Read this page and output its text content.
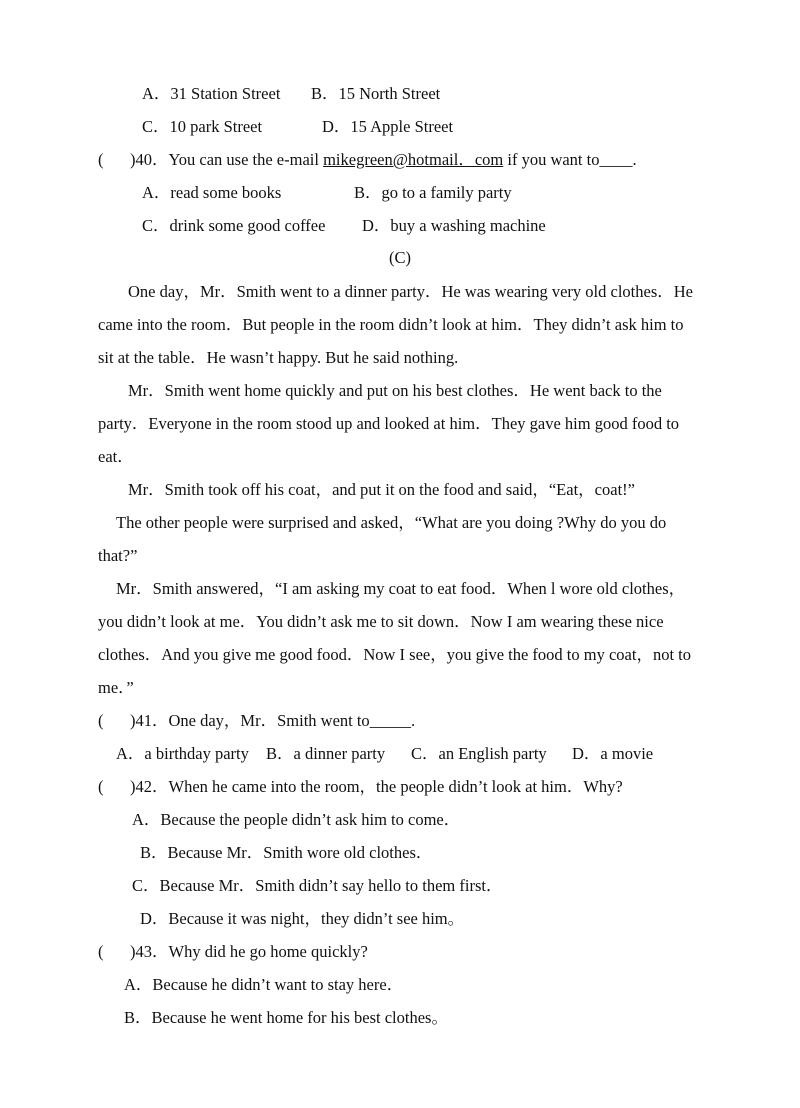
A．31 Station Street B．15 North Street
C．10 park Street	D．15 Apple Street
( )40．You can use the e-mail mikegreen@hotmail．com if you want to____.
A．read some books	B．go to a family party
C．drink some good coffee D．buy a washing machine
(C)
One day，Mr．Smith went to a dinner party．He was wearing very old clothes．He
came into the room．But people in the room didn’t look at him．They didn’t ask him to
sit at the table．He wasn’t happy. But he said nothing.
Mr．Smith went home quickly and put on his best clothes．He went back to the
party．Everyone in the room stood up and looked at him．They gave him good food to
eat．
Mr．Smith took off his coat，and put it on the food and said，“Eat，coat!”
The other people were surprised and asked，“What are you doing ?Why do you do
that?”
Mr．Smith answered，“I am asking my coat to eat food．When l wore old clothes，
you didn’t look at me．You didn’t ask me to sit down．Now I am wearing these nice
clothes．And you give me good food．Now I see，you give the food to my coat，not to
me．”
( )41．One day，Mr．Smith went to_____.
A．a birthday party B．a dinner party C．an English party D．a movie
( )42．When he came into the room，the people didn’t look at him．Why?
A．Because the people didn’t ask him to come．
B．Because Mr．Smith wore old clothes．
C．Because Mr．Smith didn’t say hello to them first．
D．Because it was night，they didn’t see him。
( )43．Why did he go home quickly?
A．Because he didn’t want to stay here．
B．Because he went home for his best clothes。
